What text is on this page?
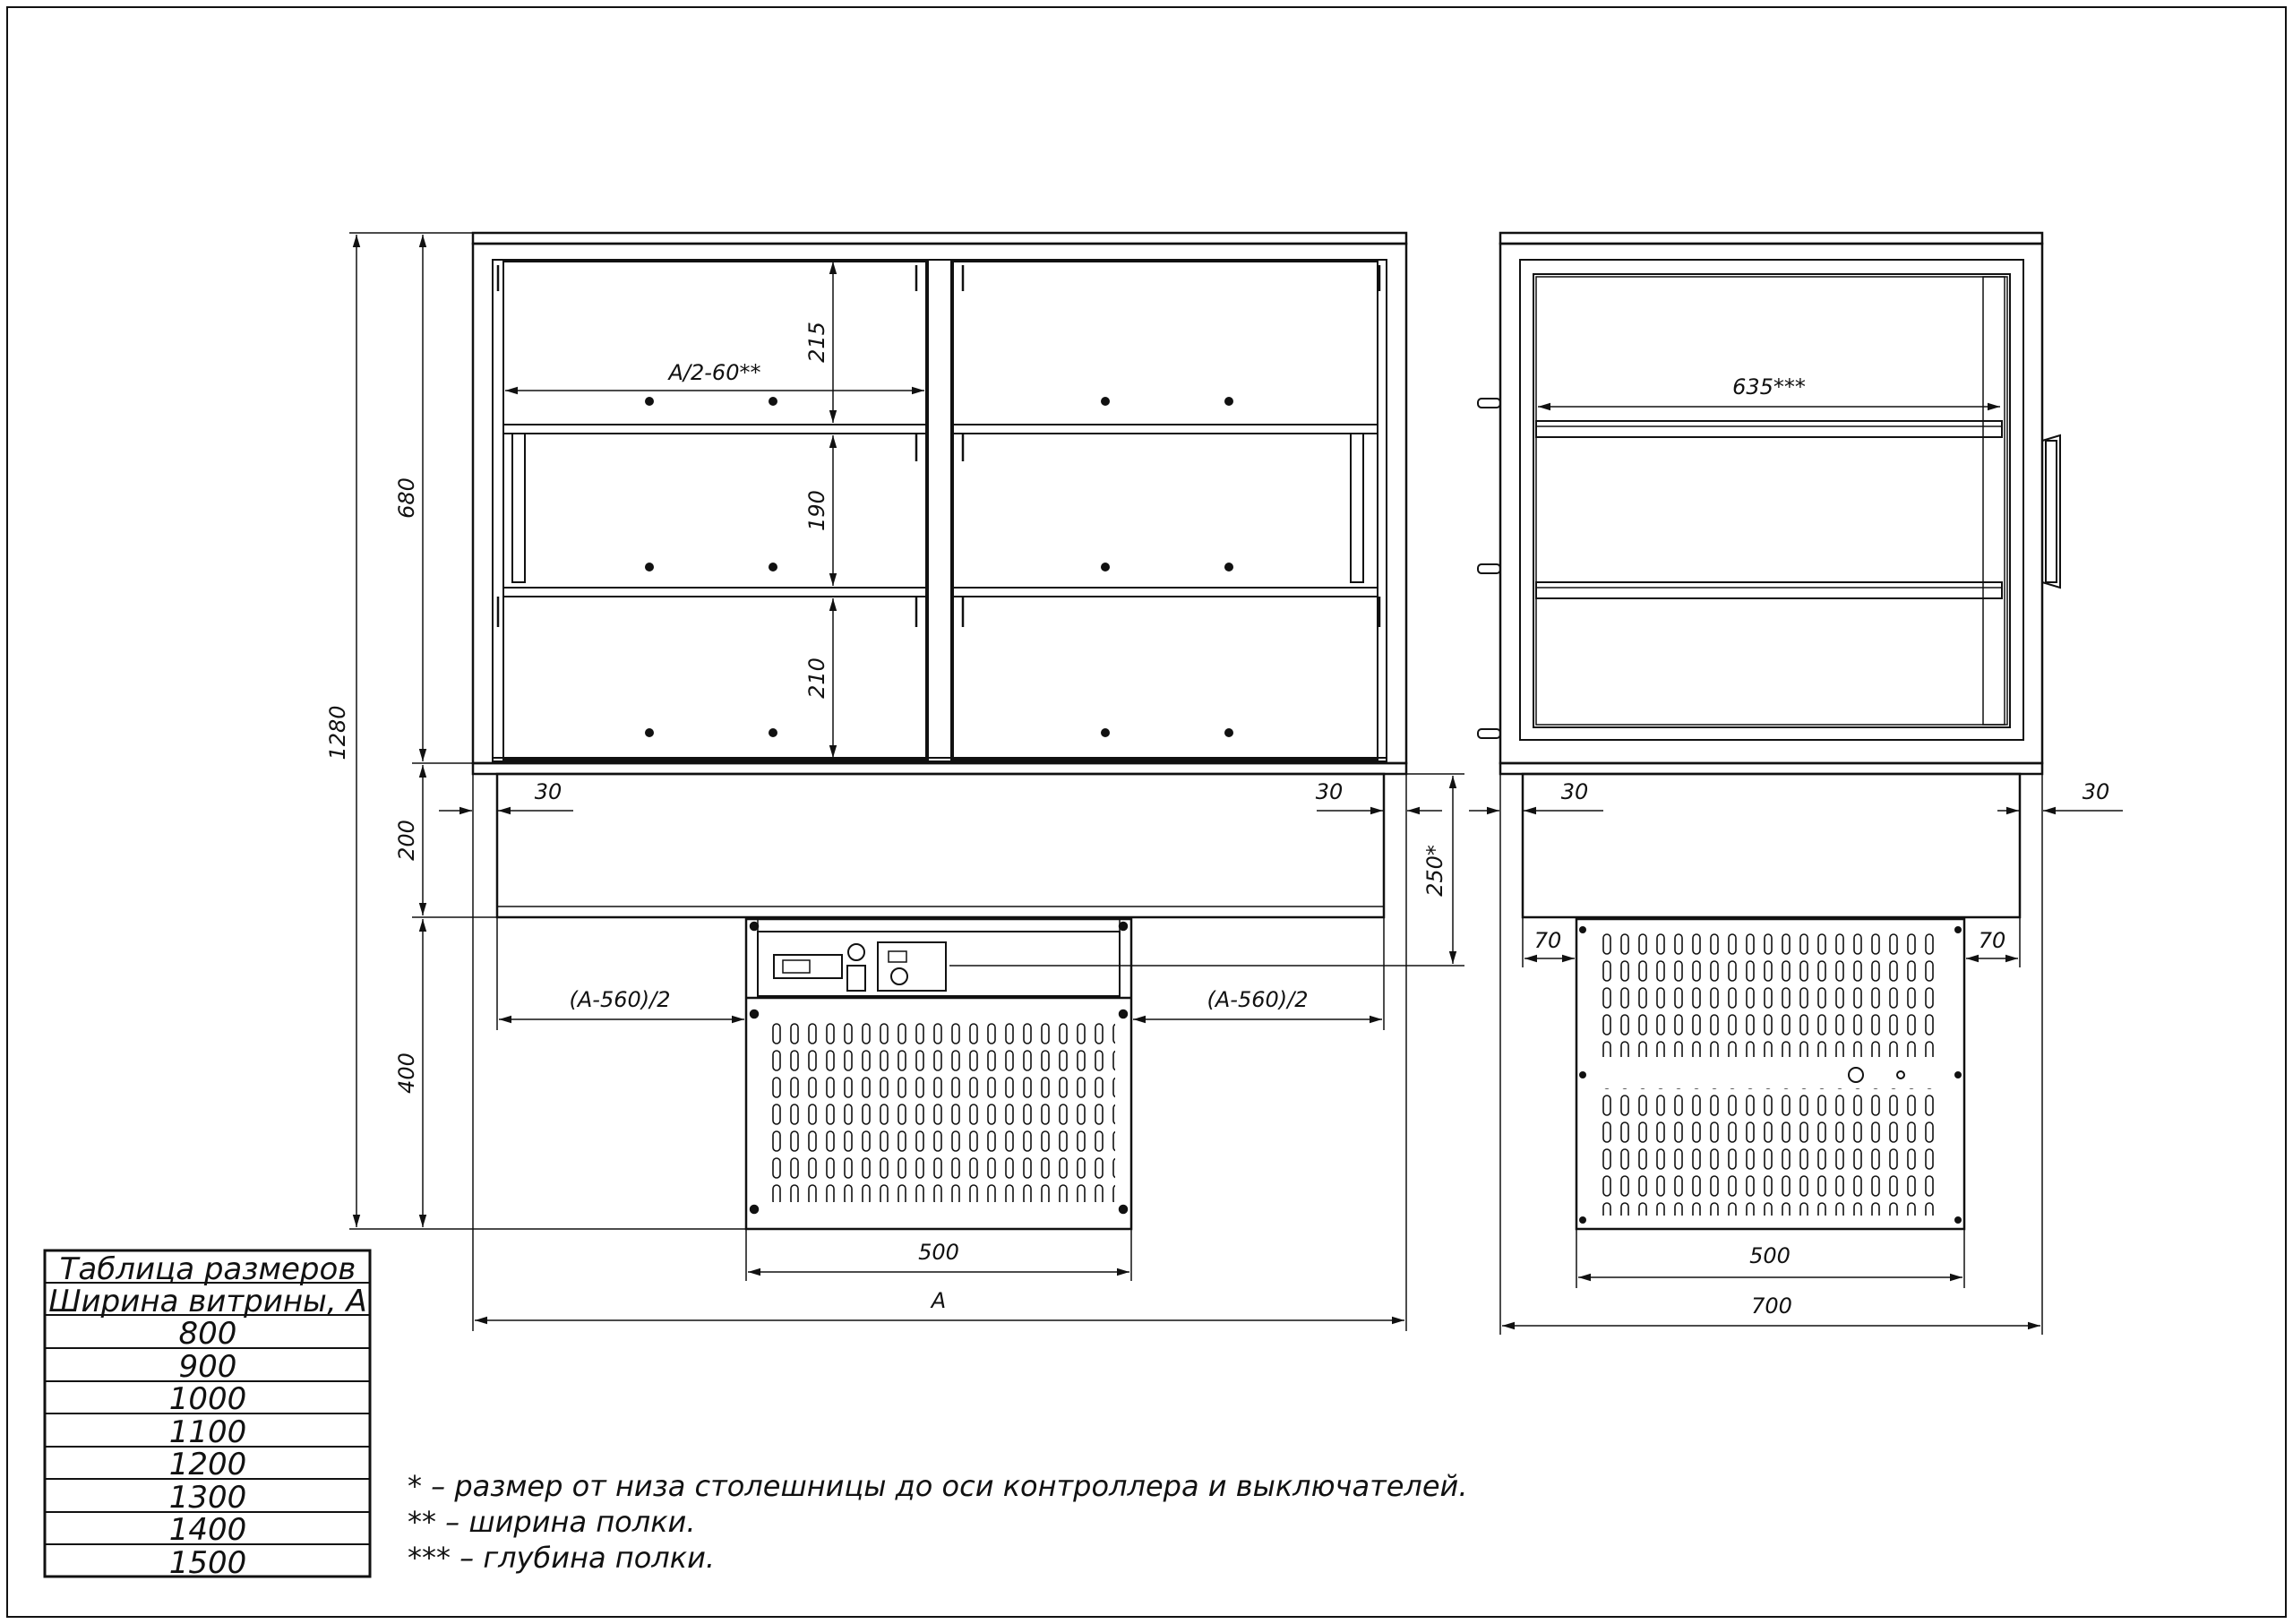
1280
680
200
400
215
190
210
A/2-60**
30	30
250*
(A-560)/2	(A-560)/2
500
A
635***
30	30
70	70
500
700
Таблица размеров
Ширина витрины, А
800
900
1000
1100
1200
1300
1400
1500
* – размер от низа столешницы до оси контроллера и выключателей.
** – ширина полки.
*** – глубина полки.
